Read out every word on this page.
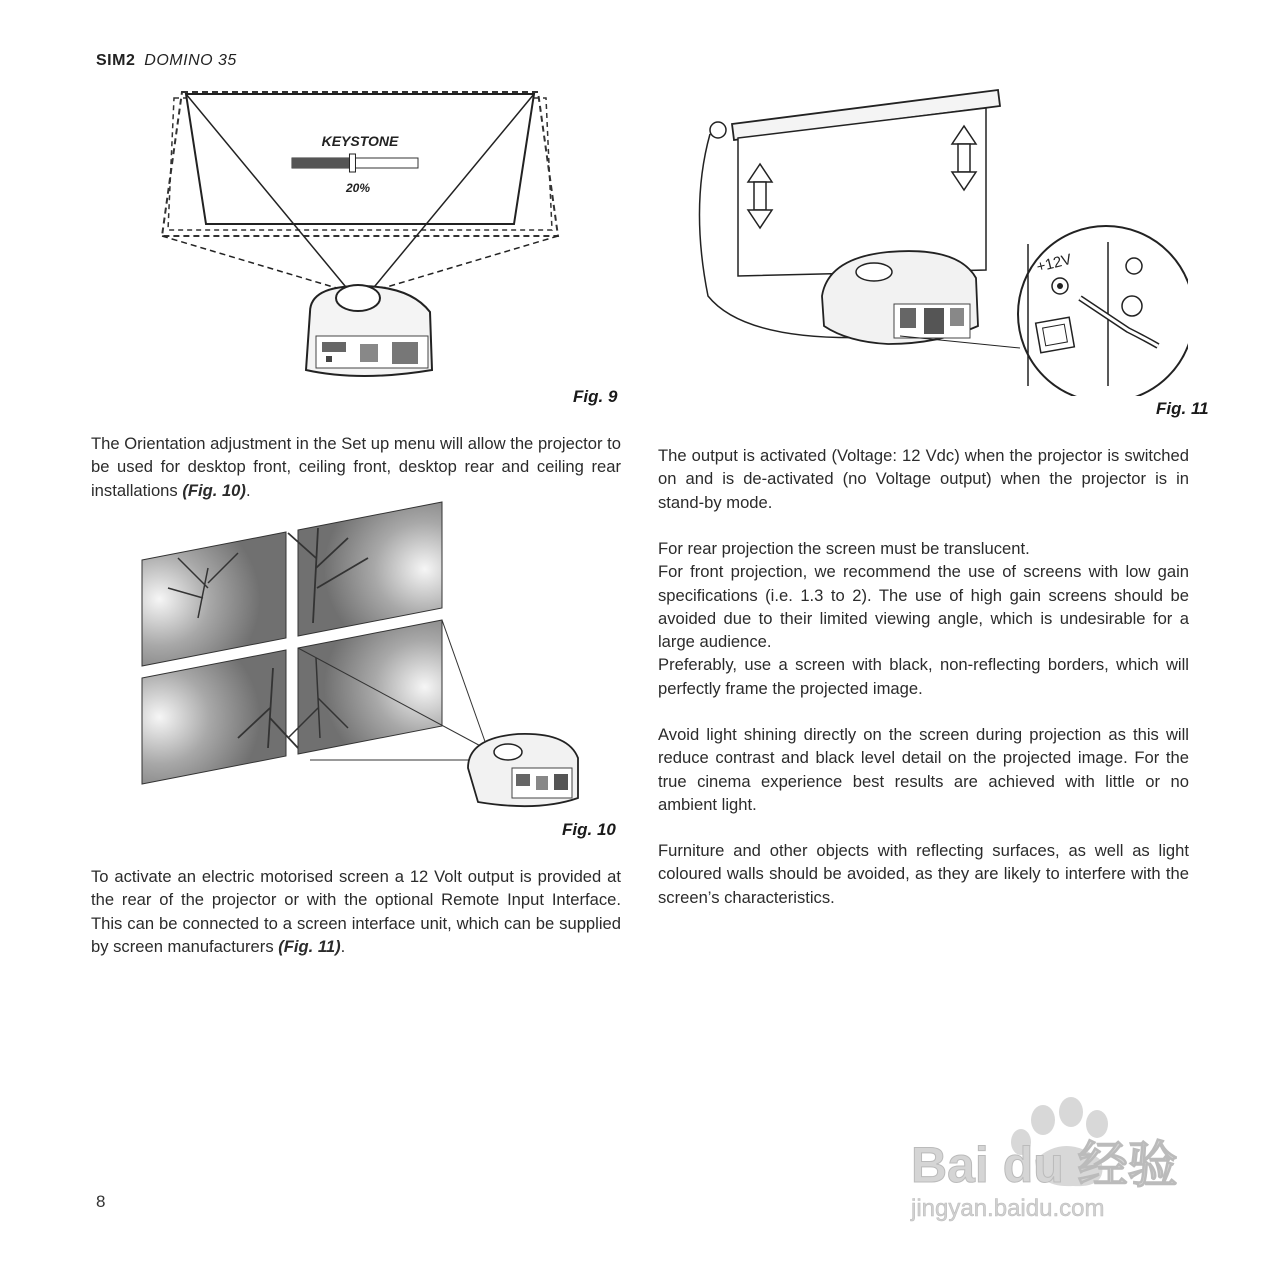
SIM2 DOMINO 35
KEYSTONE
20%
Fig. 9

The Orientation adjustment in the Set up menu will allow the projector to be used for desktop front, ceiling front, desktop rear and ceiling rear installations (Fig. 10).

Fig. 10

To activate an electric motorised screen a 12 Volt output is provided at the rear of the projector or with the optional Remote Input Interface. This can be connected to a screen interface unit, which can be supplied by screen manufacturers (Fig. 11).

+12V
Fig. 11

The output is activated (Voltage: 12 Vdc) when the projector is switched on and is de-activated (no Voltage output) when the projector is in stand-by mode.

For rear projection the screen must be translucent.

For front projection, we recommend the use of screens with low gain specifications (i.e. 1.3 to 2). The use of high gain screens should be avoided due to their limited viewing angle, which is undesirable for a large audience.

Preferably, use a screen with black, non-reflecting borders, which will perfectly frame the projected image.

Avoid light shining directly on the screen during projection as this will reduce contrast and black level detail on the projected image. For the true cinema experience best results are achieved with little or no ambient light.

Furniture and other objects with reflecting surfaces, as well as light coloured walls should be avoided, as they are likely to interfere with the screen’s characteristics.

8
Bai du 经验
jingyan.baidu.com
